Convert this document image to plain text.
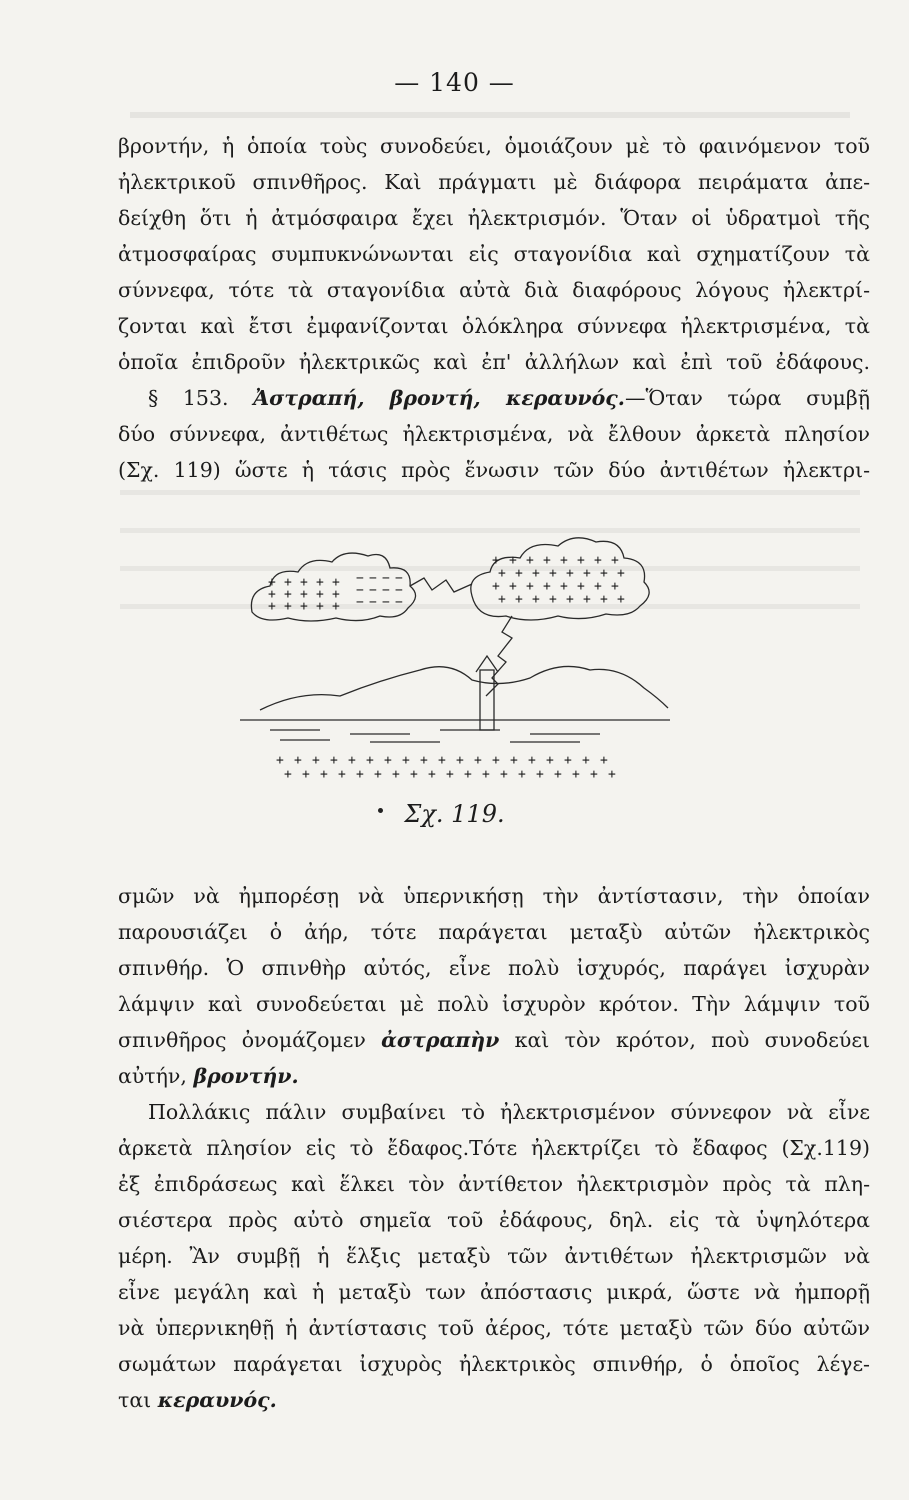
— 140 —
βροντήν, ἡ ὁποία τοὺς συνοδεύει, ὁμοιάζουν μὲ τὸ φαινόμενον τοῦ
ἠλεκτρικοῦ σπινθῆρος. Καὶ πράγματι μὲ διάφορα πειράματα ἀπε-
δείχθη ὅτι ἡ ἀτμόσφαιρα ἔχει ἠλεκτρισμόν. Ὅταν οἱ ὑδρατμοὶ τῆς
ἀτμοσφαίρας συμπυκνώνωνται εἰς σταγονίδια καὶ σχηματίζουν τὰ
σύννεφα, τότε τὰ σταγονίδια αὐτὰ διὰ διαφόρους λόγους ἠλεκτρί-
ζονται καὶ ἔτσι ἐμφανίζονται ὁλόκληρα σύννεφα ἠλεκτρισμένα, τὰ
ὁποῖα ἐπιδροῦν ἠλεκτρικῶς καὶ ἐπ' ἀλλήλων καὶ ἐπὶ τοῦ ἐδάφους.
§ 153. Ἀστραπή, βροντή, κεραυνός.—Ὅταν τώρα συμβῇ
δύο σύννεφα, ἀντιθέτως ἠλεκτρισμένα, νὰ ἔλθουν ἀρκετὰ πλησίον
(Σχ. 119) ὥστε ἡ τάσις πρὸς ἕνωσιν τῶν δύο ἀντιθέτων ἠλεκτρι-
+ + + + + − − − −
+ + + + + − − − −
+ + + + + − − − −
+ + + + + + + +
+ + + + + + + +
+ + + + + + + +
+ + + + + + + +
+ + + + + + + + + + + + + + + + + + +
+ + + + + + + + + + + + + + + + + + +
Σχ. 119.
σμῶν νὰ ἠμπορέσῃ νὰ ὑπερνικήσῃ τὴν ἀντίστασιν, τὴν ὁποίαν
παρουσιάζει ὁ ἀήρ, τότε παράγεται μεταξὺ αὐτῶν ἠλεκτρικὸς
σπινθήρ. Ὁ σπινθὴρ αὐτός, εἶνε πολὺ ἰσχυρός, παράγει ἰσχυρὰν
λάμψιν καὶ συνοδεύεται μὲ πολὺ ἰσχυρὸν κρότον. Τὴν λάμψιν τοῦ
σπινθῆρος ὀνομάζομεν ἀστραπὴν καὶ τὸν κρότον, ποὺ συνοδεύει
αὐτήν, βροντήν.
Πολλάκις πάλιν συμβαίνει τὸ ἠλεκτρισμένον σύννεφον νὰ εἶνε
ἀρκετὰ πλησίον εἰς τὸ ἔδαφος.Τότε ἠλεκτρίζει τὸ ἔδαφος (Σχ.119)
ἐξ ἐπιδράσεως καὶ ἕλκει τὸν ἀντίθετον ἠλεκτρισμὸν πρὸς τὰ πλη-
σιέστερα πρὸς αὐτὸ σημεῖα τοῦ ἐδάφους, δηλ. εἰς τὰ ὑψηλότερα
μέρη. Ἂν συμβῇ ἡ ἕλξις μεταξὺ τῶν ἀντιθέτων ἠλεκτρισμῶν νὰ
εἶνε μεγάλη καὶ ἡ μεταξὺ των ἀπόστασις μικρά, ὥστε νὰ ἠμπορῇ
νὰ ὑπερνικηθῇ ἡ ἀντίστασις τοῦ ἀέρος, τότε μεταξὺ τῶν δύο αὐτῶν
σωμάτων παράγεται ἰσχυρὸς ἠλεκτρικὸς σπινθήρ, ὁ ὁποῖος λέγε-
ται κεραυνός.
